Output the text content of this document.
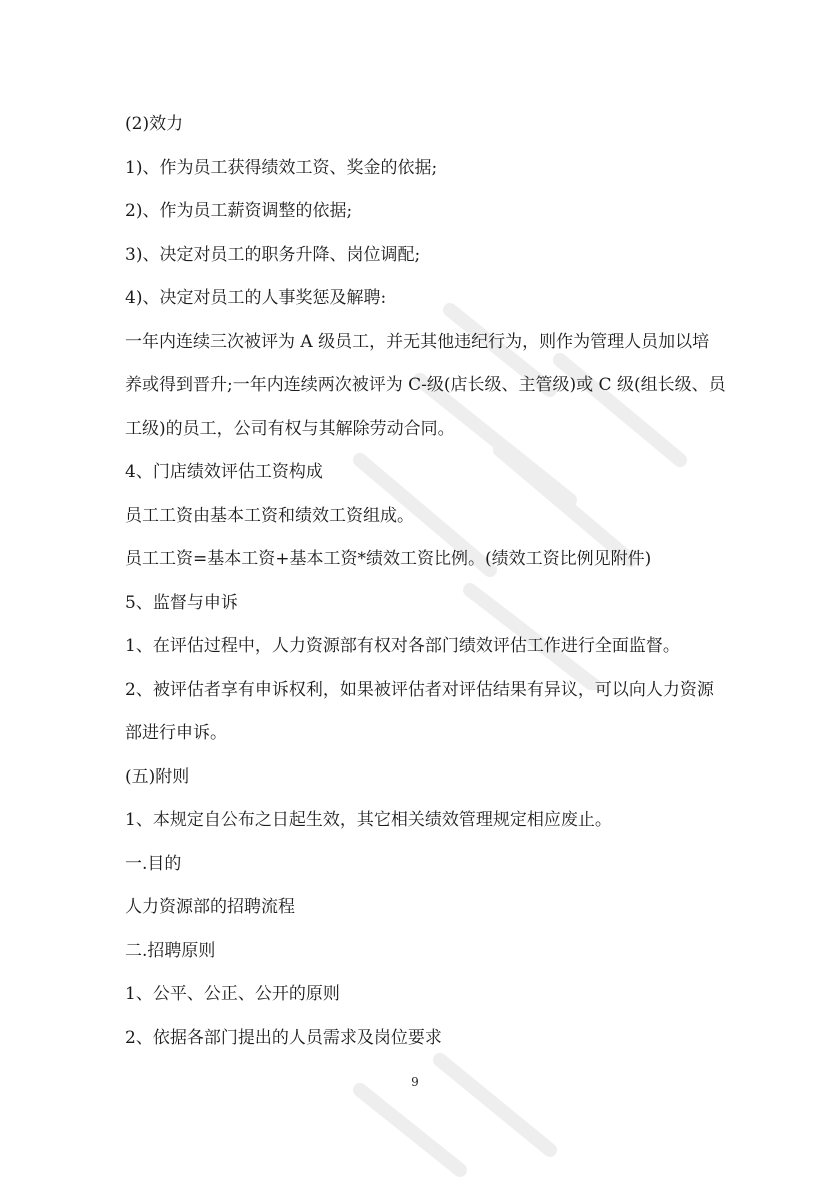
(2)效力
1)、作为员工获得绩效工资、奖金的依据;
2)、作为员工薪资调整的依据;
3)、决定对员工的职务升降、岗位调配;
4)、决定对员工的人事奖惩及解聘:
一年内连续三次被评为 A 级员工，并无其他违纪行为，则作为管理人员加以培
养或得到晋升;一年内连续两次被评为 C-级(店长级、主管级)或 C 级(组长级、员
工级)的员工，公司有权与其解除劳动合同。
4、门店绩效评估工资构成
员工工资由基本工资和绩效工资组成。
员工工资=基本工资+基本工资*绩效工资比例。(绩效工资比例见附件)
5、监督与申诉
1、在评估过程中，人力资源部有权对各部门绩效评估工作进行全面监督。
2、被评估者享有申诉权利，如果被评估者对评估结果有异议，可以向人力资源
部进行申诉。
(五)附则
1、本规定自公布之日起生效，其它相关绩效管理规定相应废止。
一.目的
人力资源部的招聘流程
二.招聘原则
1、公平、公正、公开的原则
2、依据各部门提出的人员需求及岗位要求
9
